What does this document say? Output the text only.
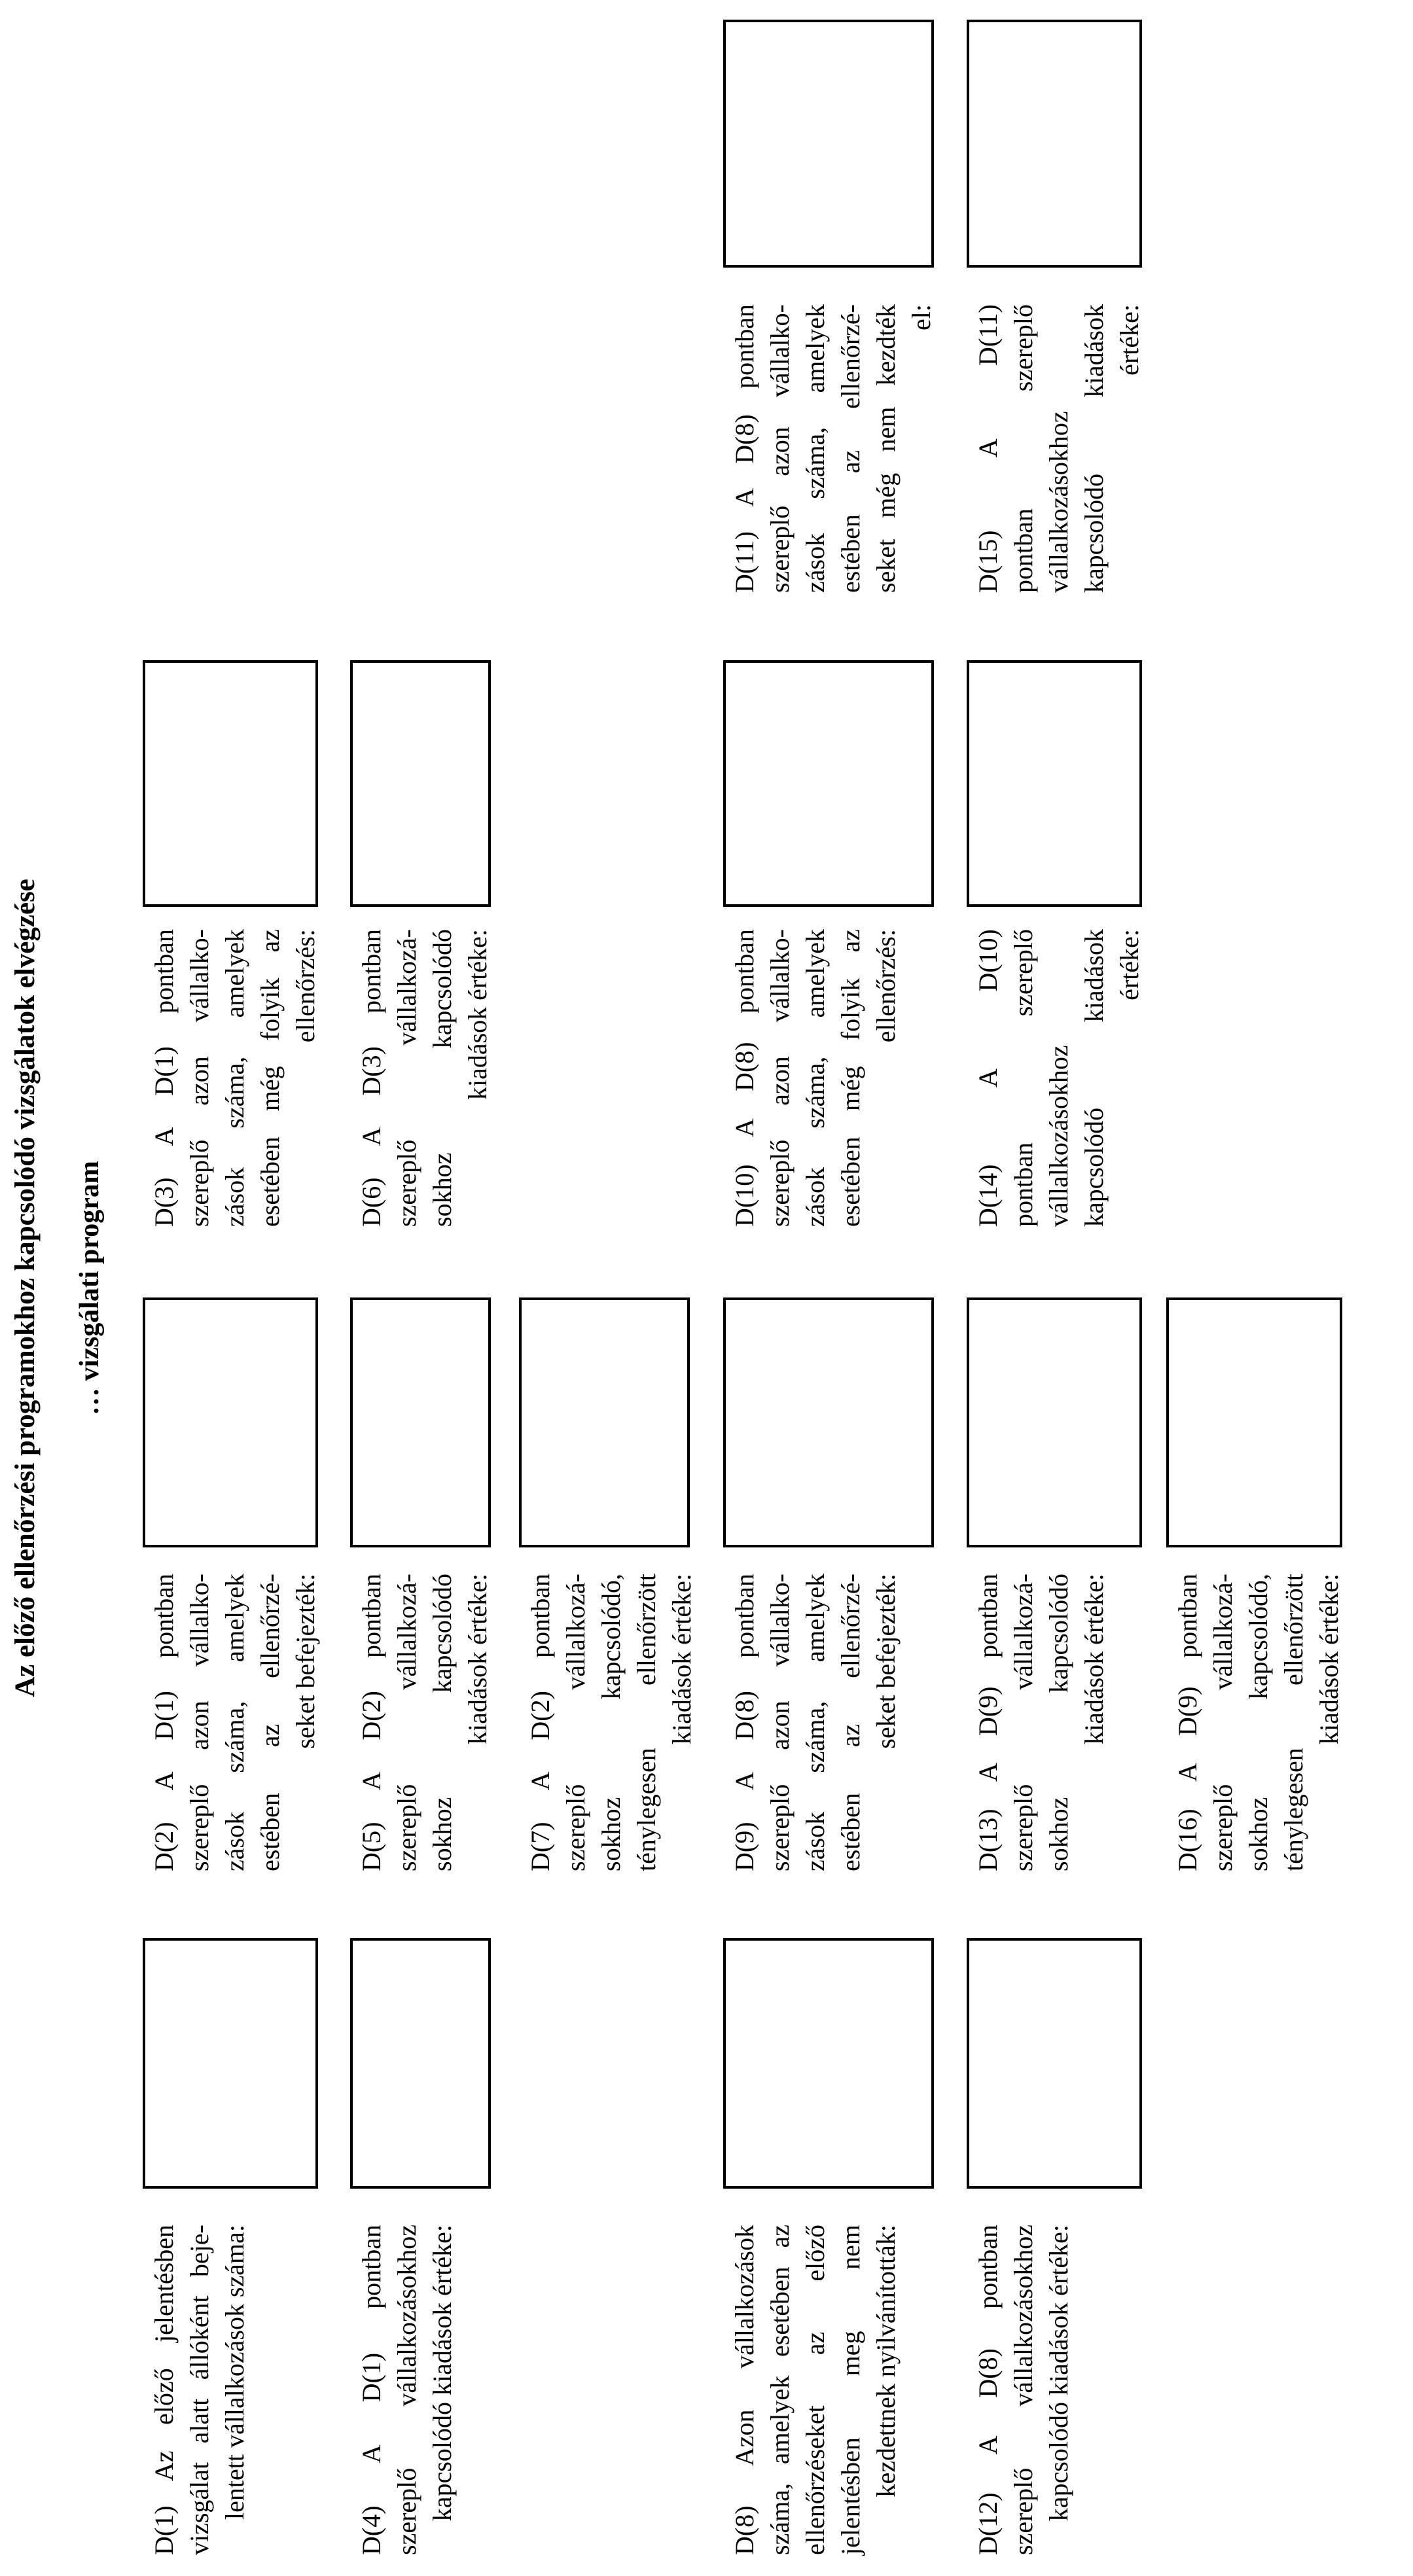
Az előző ellenőrzési programokhoz kapcsolódó vizsgálatok elvégzése … vizsgálati program
D(1) Az előző jelentésben vizsgálat alatt állóként beje- lentett vállalkozások száma:
D(2) A D(1) pontban szereplő azon vállalko- zások száma, amelyek estében az ellenőrzé- seket befejezték:
D(3) A D(1) pontban szereplő azon vállalko- zások száma, amelyek esetében még folyik az ellenőrzés:
D(4) A D(1) pontban szereplő vállalkozásokhoz kapcsolódó kiadások értéke:
D(5) A D(2) pontban szereplő vállalkozá- sokhoz kapcsolódó kiadások értéke:
D(6) A D(3) pontban szereplő vállalkozá- sokhoz kapcsolódó kiadások értéke:
D(7) A D(2) pontban szereplő vállalkozá- sokhoz kapcsolódó, ténylegesen ellenőrzött kiadások értéke:
D(8) Azon vállalkozások száma, amelyek esetében az ellenőrzéseket az előző jelentésben meg nem kezdettnek nyilvánították:
D(9) A D(8) pontban szereplő azon vállalko- zások száma, amelyek estében az ellenőrzé- seket befejezték:
D(10) A D(8) pontban szereplő azon vállalko- zások száma, amelyek esetében még folyik az ellenőrzés:
D(11) A D(8) pontban szereplő azon vállalko- zások száma, amelyek estében az ellenőrzé- seket még nem kezdték el:
D(12) A D(8) pontban szereplő vállalkozásokhoz kapcsolódó kiadások értéke:
D(13) A D(9) pontban szereplő vállalkozá- sokhoz kapcsolódó kiadások értéke:
D(14) A D(10) pontban szereplő vállalkozásokhoz kapcsolódó kiadások értéke:
D(15) A D(11) pontban szereplő vállalkozásokhoz kapcsolódó kiadások értéke:
D(16) A D(9) pontban szereplő vállalkozá- sokhoz kapcsolódó, ténylegesen ellenőrzött kiadások értéke:
